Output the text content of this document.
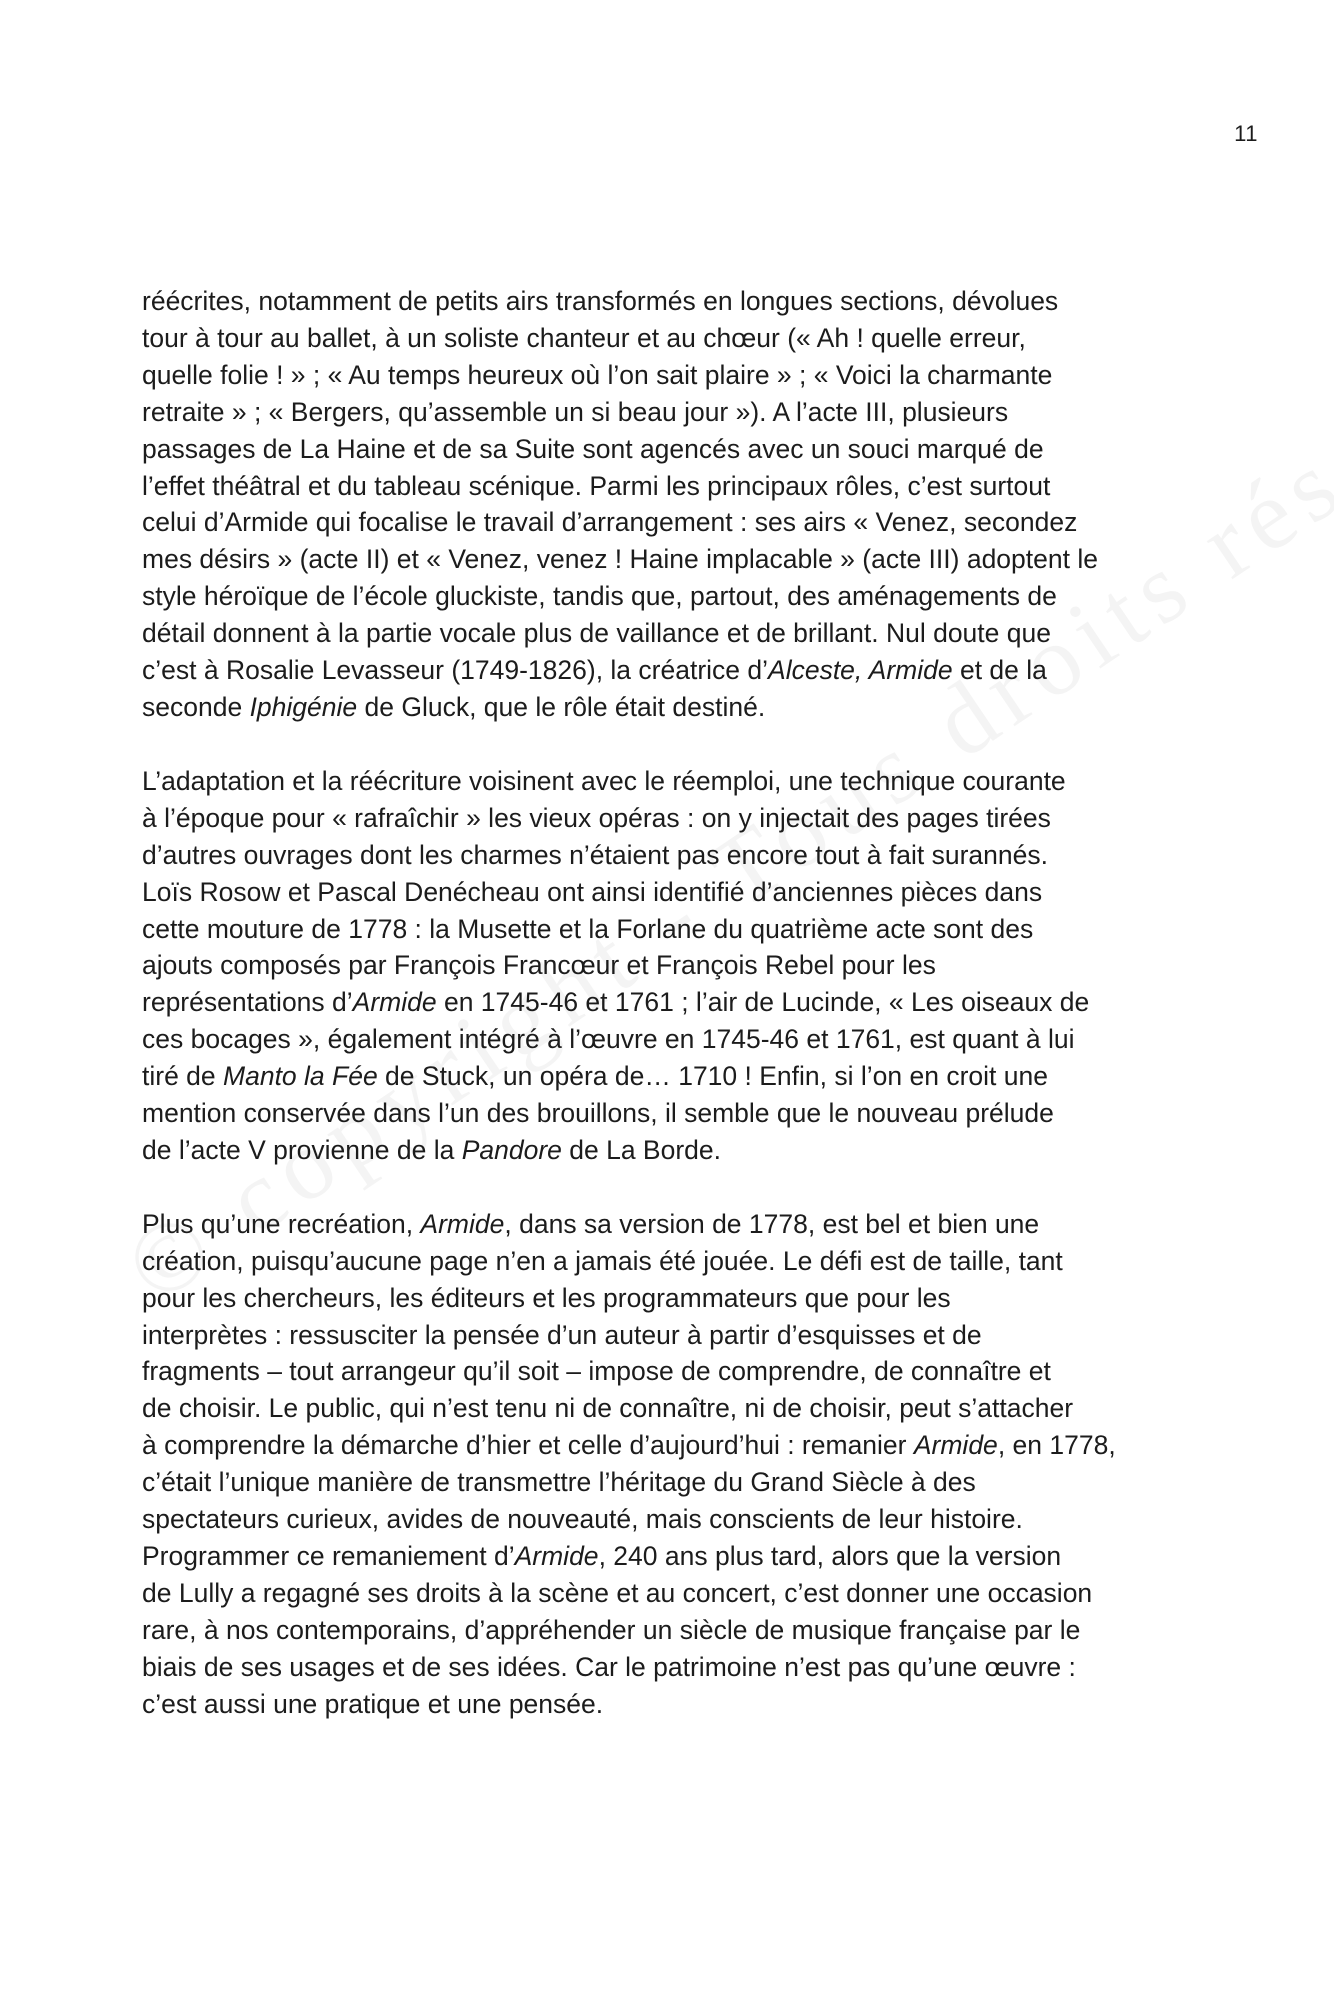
11

réécrites, notamment de petits airs transformés en longues sections, dévolues
tour à tour au ballet, à un soliste chanteur et au chœur (« Ah ! quelle erreur,
quelle folie ! » ; « Au temps heureux où l’on sait plaire » ; « Voici la charmante
retraite » ; « Bergers, qu’assemble un si beau jour »). A l’acte III, plusieurs
passages de La Haine et de sa Suite sont agencés avec un souci marqué de
l’effet théâtral et du tableau scénique. Parmi les principaux rôles, c’est surtout
celui d’Armide qui focalise le travail d’arrangement : ses airs « Venez, secondez
mes désirs » (acte II) et « Venez, venez ! Haine implacable » (acte III) adoptent le
style héroïque de l’école gluckiste, tandis que, partout, des aménagements de
détail donnent à la partie vocale plus de vaillance et de brillant. Nul doute que
c’est à Rosalie Levasseur (1749-1826), la créatrice d’Alceste, Armide et de la
seconde Iphigénie de Gluck, que le rôle était destiné.

L’adaptation et la réécriture voisinent avec le réemploi, une technique courante
à l’époque pour « rafraîchir » les vieux opéras : on y injectait des pages tirées
d’autres ouvrages dont les charmes n’étaient pas encore tout à fait surannés.
Loïs Rosow et Pascal Denécheau ont ainsi identifié d’anciennes pièces dans
cette mouture de 1778 : la Musette et la Forlane du quatrième acte sont des
ajouts composés par François Francœur et François Rebel pour les
représentations d’Armide en 1745-46 et 1761 ; l’air de Lucinde, « Les oiseaux de
ces bocages », également intégré à l’œuvre en 1745-46 et 1761, est quant à lui
tiré de Manto la Fée de Stuck, un opéra de… 1710 ! Enfin, si l’on en croit une
mention conservée dans l’un des brouillons, il semble que le nouveau prélude
de l’acte V provienne de la Pandore de La Borde.

Plus qu’une recréation, Armide, dans sa version de 1778, est bel et bien une
création, puisqu’aucune page n’en a jamais été jouée. Le défi est de taille, tant
pour les chercheurs, les éditeurs et les programmateurs que pour les
interprètes : ressusciter la pensée d’un auteur à partir d’esquisses et de
fragments – tout arrangeur qu’il soit – impose de comprendre, de connaître et
de choisir. Le public, qui n’est tenu ni de connaître, ni de choisir, peut s’attacher
à comprendre la démarche d’hier et celle d’aujourd’hui : remanier Armide, en 1778,
c’était l’unique manière de transmettre l’héritage du Grand Siècle à des
spectateurs curieux, avides de nouveauté, mais conscients de leur histoire.
Programmer ce remaniement d’Armide, 240 ans plus tard, alors que la version
de Lully a regagné ses droits à la scène et au concert, c’est donner une occasion
rare, à nos contemporains, d’appréhender un siècle de musique française par le
biais de ses usages et de ses idées. Car le patrimoine n’est pas qu’une œuvre :
c’est aussi une pratique et une pensée.
